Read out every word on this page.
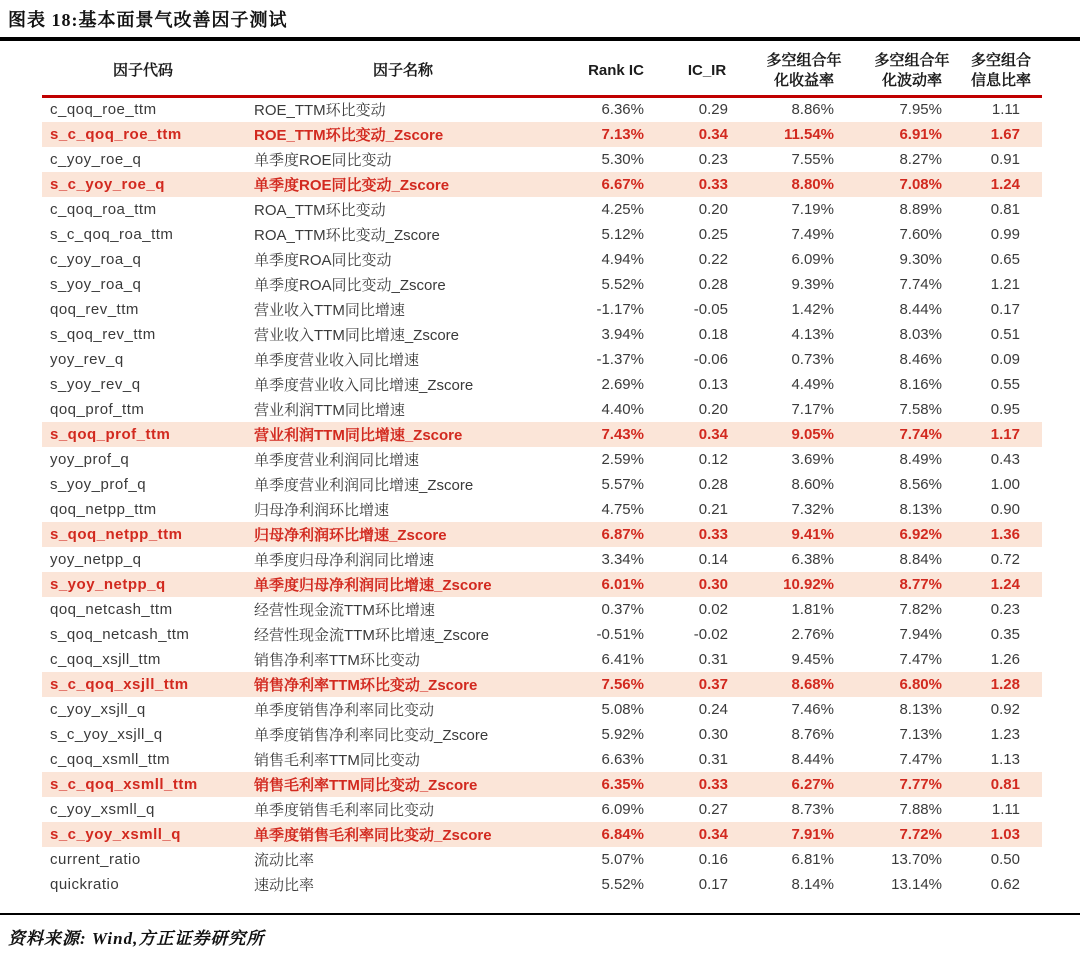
图表 18:基本面景气改善因子测试
因子代码	因子名称	Rank IC	IC_IR	多空组合年化收益率	多空组合年化波动率	多空组合信息比率
c_qoq_roe_ttm	ROE_TTM环比变动	6.36%	0.29	8.86%	7.95%	1.11
s_c_qoq_roe_ttm	ROE_TTM环比变动_Zscore	7.13%	0.34	11.54%	6.91%	1.67
c_yoy_roe_q	单季度ROE同比变动	5.30%	0.23	7.55%	8.27%	0.91
s_c_yoy_roe_q	单季度ROE同比变动_Zscore	6.67%	0.33	8.80%	7.08%	1.24
c_qoq_roa_ttm	ROA_TTM环比变动	4.25%	0.20	7.19%	8.89%	0.81
s_c_qoq_roa_ttm	ROA_TTM环比变动_Zscore	5.12%	0.25	7.49%	7.60%	0.99
c_yoy_roa_q	单季度ROA同比变动	4.94%	0.22	6.09%	9.30%	0.65
s_yoy_roa_q	单季度ROA同比变动_Zscore	5.52%	0.28	9.39%	7.74%	1.21
qoq_rev_ttm	营业收入TTM同比增速	-1.17%	-0.05	1.42%	8.44%	0.17
s_qoq_rev_ttm	营业收入TTM同比增速_Zscore	3.94%	0.18	4.13%	8.03%	0.51
yoy_rev_q	单季度营业收入同比增速	-1.37%	-0.06	0.73%	8.46%	0.09
s_yoy_rev_q	单季度营业收入同比增速_Zscore	2.69%	0.13	4.49%	8.16%	0.55
qoq_prof_ttm	营业利润TTM同比增速	4.40%	0.20	7.17%	7.58%	0.95
s_qoq_prof_ttm	营业利润TTM同比增速_Zscore	7.43%	0.34	9.05%	7.74%	1.17
yoy_prof_q	单季度营业利润同比增速	2.59%	0.12	3.69%	8.49%	0.43
s_yoy_prof_q	单季度营业利润同比增速_Zscore	5.57%	0.28	8.60%	8.56%	1.00
qoq_netpp_ttm	归母净利润环比增速	4.75%	0.21	7.32%	8.13%	0.90
s_qoq_netpp_ttm	归母净利润环比增速_Zscore	6.87%	0.33	9.41%	6.92%	1.36
yoy_netpp_q	单季度归母净利润同比增速	3.34%	0.14	6.38%	8.84%	0.72
s_yoy_netpp_q	单季度归母净利润同比增速_Zscore	6.01%	0.30	10.92%	8.77%	1.24
qoq_netcash_ttm	经营性现金流TTM环比增速	0.37%	0.02	1.81%	7.82%	0.23
s_qoq_netcash_ttm	经营性现金流TTM环比增速_Zscore	-0.51%	-0.02	2.76%	7.94%	0.35
c_qoq_xsjll_ttm	销售净利率TTM环比变动	6.41%	0.31	9.45%	7.47%	1.26
s_c_qoq_xsjll_ttm	销售净利率TTM环比变动_Zscore	7.56%	0.37	8.68%	6.80%	1.28
c_yoy_xsjll_q	单季度销售净利率同比变动	5.08%	0.24	7.46%	8.13%	0.92
s_c_yoy_xsjll_q	单季度销售净利率同比变动_Zscore	5.92%	0.30	8.76%	7.13%	1.23
c_qoq_xsmll_ttm	销售毛利率TTM同比变动	6.63%	0.31	8.44%	7.47%	1.13
s_c_qoq_xsmll_ttm	销售毛利率TTM同比变动_Zscore	6.35%	0.33	6.27%	7.77%	0.81
c_yoy_xsmll_q	单季度销售毛利率同比变动	6.09%	0.27	8.73%	7.88%	1.11
s_c_yoy_xsmll_q	单季度销售毛利率同比变动_Zscore	6.84%	0.34	7.91%	7.72%	1.03
current_ratio	流动比率	5.07%	0.16	6.81%	13.70%	0.50
quickratio	速动比率	5.52%	0.17	8.14%	13.14%	0.62
资料来源: Wind,方正证券研究所
